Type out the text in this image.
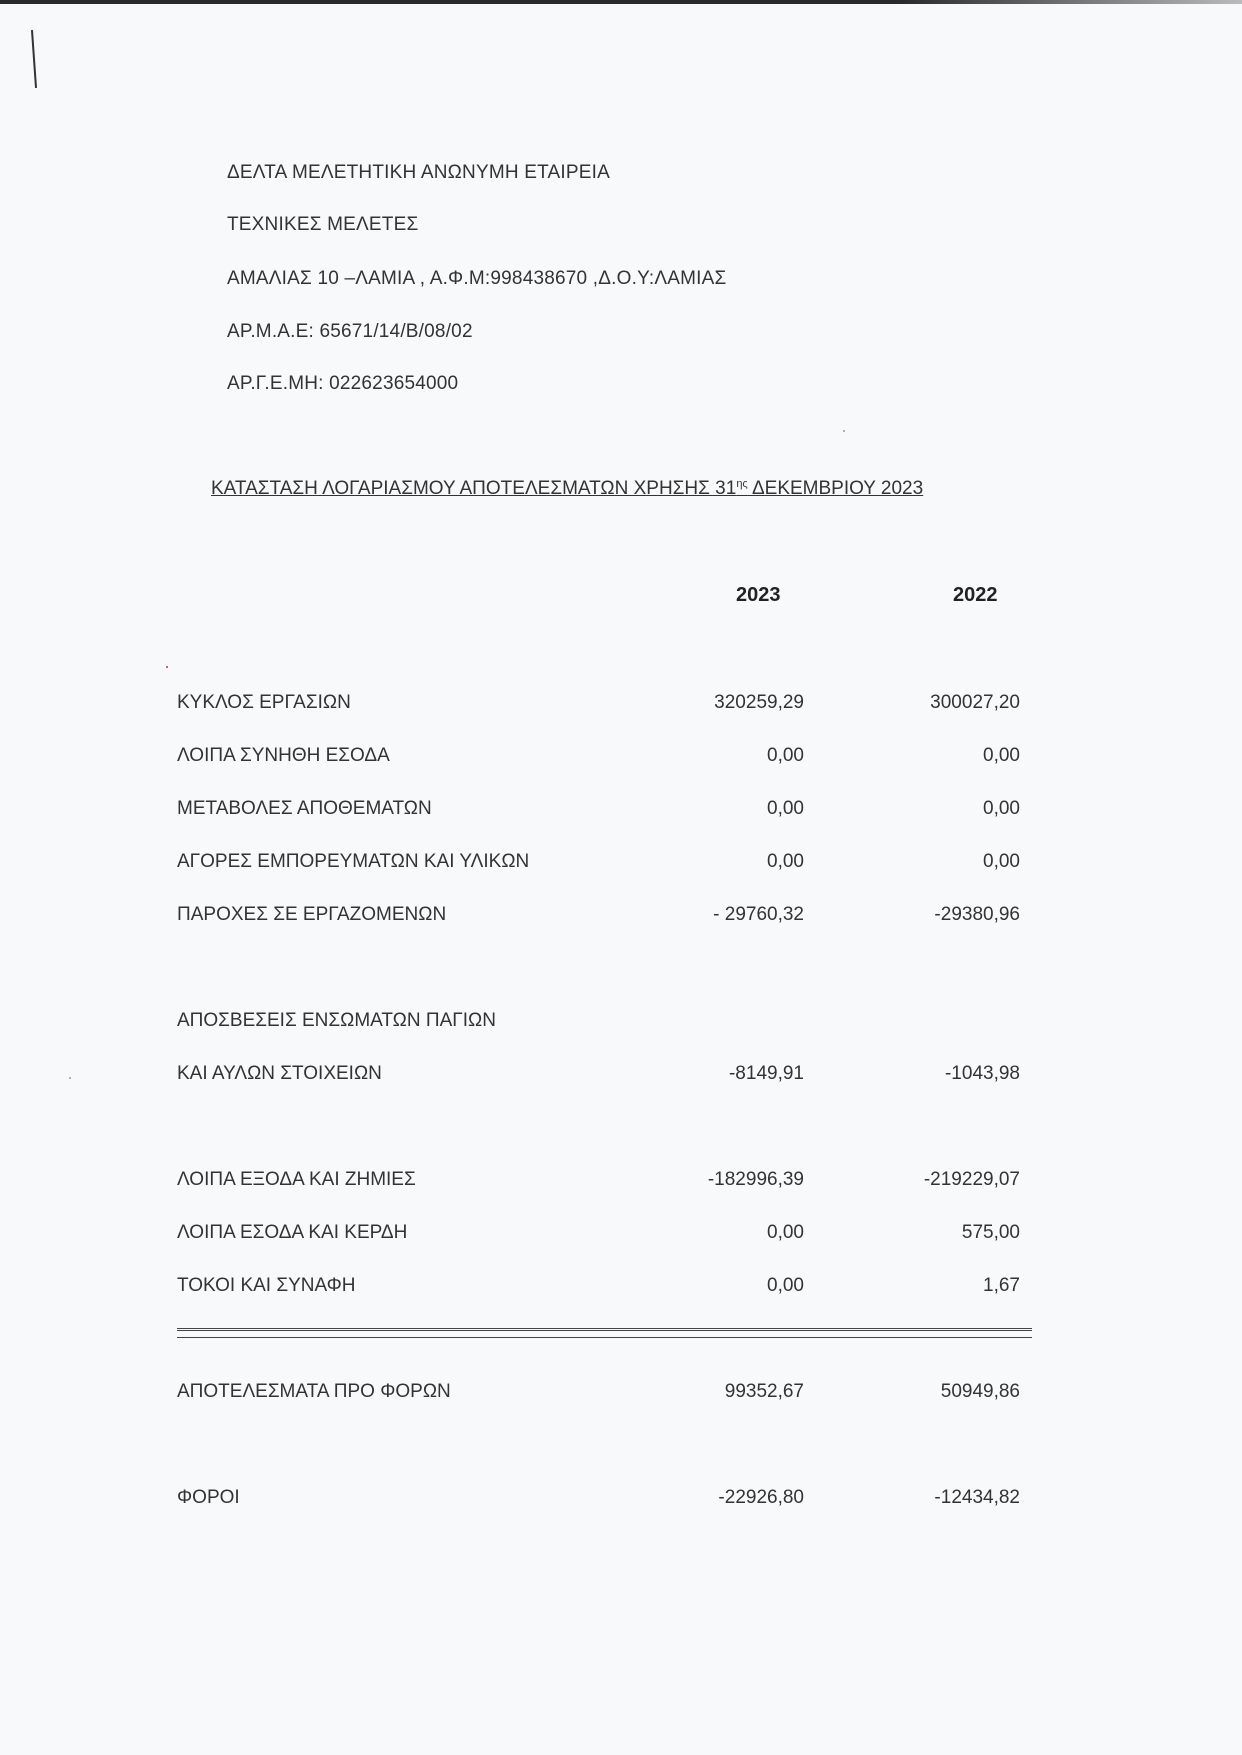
ΔΕΛΤΑ ΜΕΛΕΤΗΤΙΚΗ ΑΝΩΝΥΜΗ ΕΤΑΙΡΕΙΑ
ΤΕΧΝΙΚΕΣ ΜΕΛΕΤΕΣ
ΑΜΑΛΙΑΣ 10 –ΛΑΜΙΑ , Α.Φ.Μ:998438670 ,Δ.Ο.Υ:ΛΑΜΙΑΣ
ΑΡ.Μ.Α.Ε: 65671/14/Β/08/02
ΑΡ.Γ.Ε.ΜΗ: 022623654000
ΚΑΤΑΣΤΑΣΗ ΛΟΓΑΡΙΑΣΜΟΥ ΑΠΟΤΕΛΕΣΜΑΤΩΝ ΧΡΗΣΗΣ $31^{\eta\varsigma}$ ΔΕΚΕΜΒΡΙΟΥ 2023
2023	2022
ΚΥΚΛΟΣ ΕΡΓΑΣΙΩΝ	320259,29	300027,20
ΛΟΙΠΑ ΣΥΝΗΘΗ ΕΣΟΔΑ	0,00	0,00
ΜΕΤΑΒΟΛΕΣ ΑΠΟΘΕΜΑΤΩΝ	0,00	0,00
ΑΓΟΡΕΣ ΕΜΠΟΡΕΥΜΑΤΩΝ ΚΑΙ ΥΛΙΚΩΝ	0,00	0,00
ΠΑΡΟΧΕΣ ΣΕ ΕΡΓΑΖΟΜΕΝΩΝ	- 29760,32	-29380,96
ΑΠΟΣΒΕΣΕΙΣ ΕΝΣΩΜΑΤΩΝ ΠΑΓΙΩΝ
ΚΑΙ ΑΥΛΩΝ ΣΤΟΙΧΕΙΩΝ	-8149,91	-1043,98
ΛΟΙΠΑ ΕΞΟΔΑ ΚΑΙ ΖΗΜΙΕΣ	-182996,39	-219229,07
ΛΟΙΠΑ ΕΣΟΔΑ ΚΑΙ ΚΕΡΔΗ	0,00	575,00
ΤΟΚΟΙ ΚΑΙ ΣΥΝΑΦΗ	0,00	1,67
ΑΠΟΤΕΛΕΣΜΑΤΑ ΠΡΟ ΦΟΡΩΝ	99352,67	50949,86
ΦΟΡΟΙ	-22926,80	-12434,82
